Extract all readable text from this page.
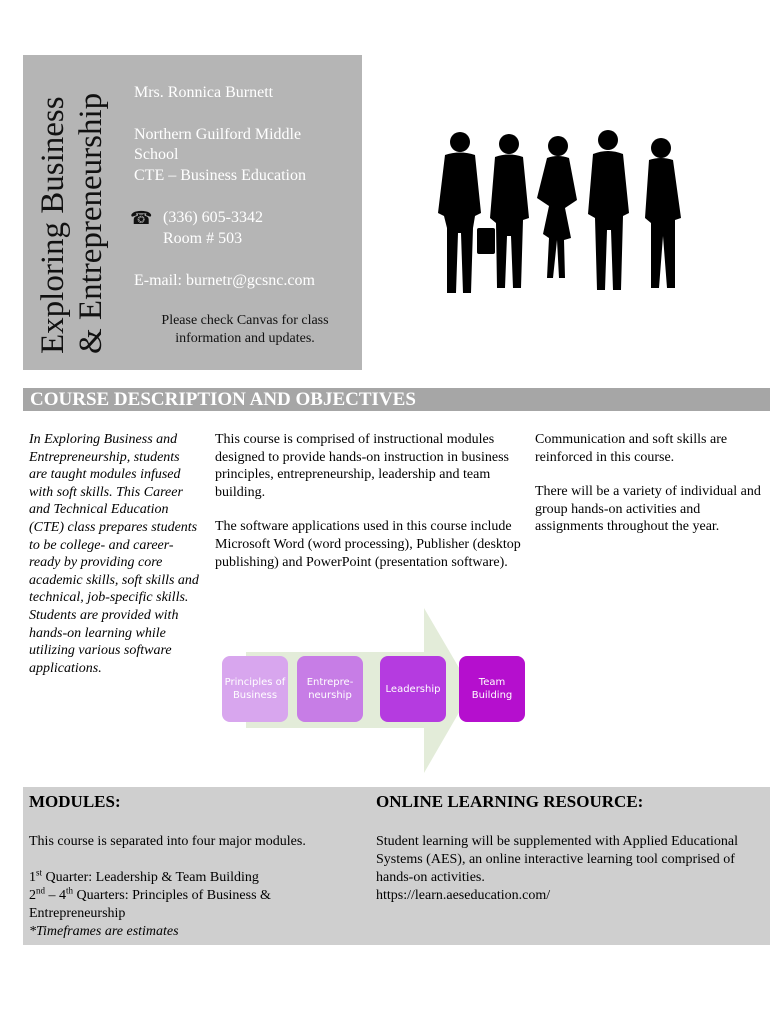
Exploring Business & Entrepreneurship
Mrs. Ronnica Burnett
Northern Guilford Middle
School
CTE – Business Education
☎ (336) 605-3342
Room # 503
E-mail: burnetr@gcsnc.com
Please check Canvas for class information and updates.
COURSE DESCRIPTION AND OBJECTIVES
In Exploring Business and Entrepreneurship, students are taught modules infused with soft skills. This Career and Technical Education (CTE) class prepares students to be college- and career-ready by providing core academic skills, soft skills and technical, job-specific skills. Students are provided with hands-on learning while utilizing various software applications.
This course is comprised of instructional modules designed to provide hands-on instruction in business principles, entrepreneurship, leadership and team building.
The software applications used in this course include Microsoft Word (word processing), Publisher (desktop publishing) and PowerPoint (presentation software).
Communication and soft skills are reinforced in this course.
There will be a variety of individual and group hands-on activities and assignments throughout the year.
Principles of Business
Entrepre-neurship
Leadership
Team Building
MODULES:	ONLINE LEARNING RESOURCE:
This course is separated into four major modules.
1st Quarter: Leadership & Team Building
2nd – 4th Quarters: Principles of Business & Entrepreneurship
*Timeframes are estimates
Student learning will be supplemented with Applied Educational Systems (AES), an online interactive learning tool comprised of hands-on activities.
https://learn.aeseducation.com/
